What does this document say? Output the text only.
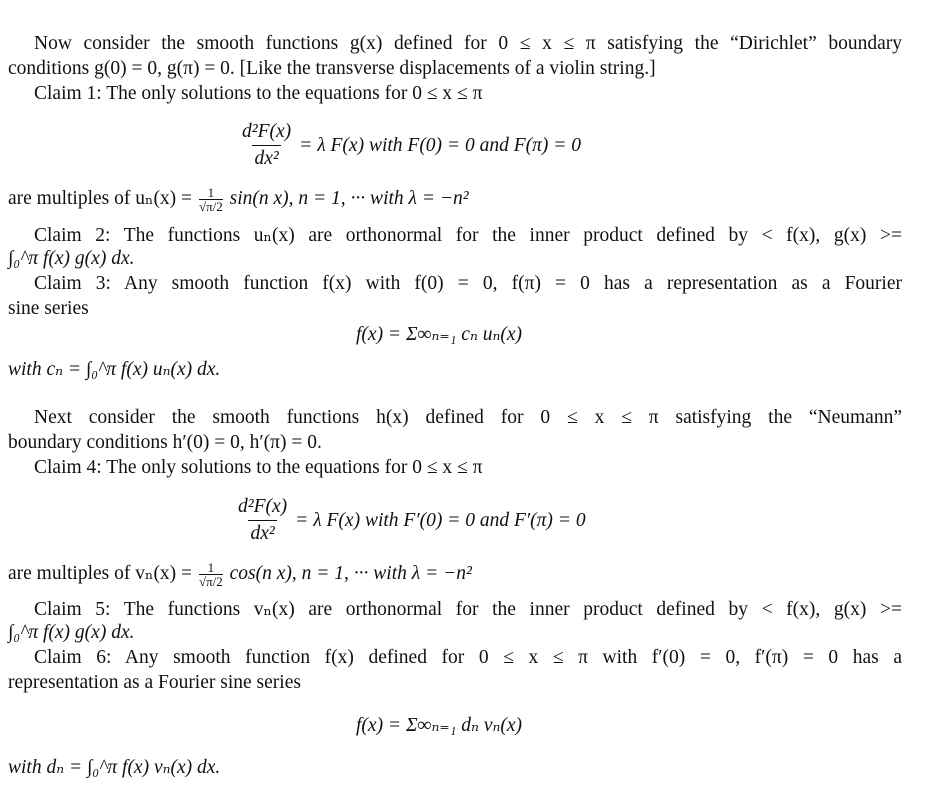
Now consider the smooth functions g(x) defined for 0 ≤ x ≤ π satisfying the “Dirichlet” boundary
conditions g(0) = 0, g(π) = 0. [Like the transverse displacements of a violin string.]
Claim 1: The only solutions to the equations for 0 ≤ x ≤ π
$\frac{\text{d²F(x)}}{\text{dx²}} = \lambda$ F(x) with F(0) = 0 and F(π) = 0
are multiples of $u_n(x) = \frac{1}{√\pi/2} \sin(n$ x), n = 1, ··· with λ = −n²
Claim 2: The functions uₙ(x) are orthonormal for the inner product defined by < f(x), g(x) >=
∫₀^π f(x) g(x) dx.
Claim 3: Any smooth function f(x) with f(0) = 0, f(π) = 0 has a representation as a Fourier
sine series
f(x) = Σ∞ₙ₌₁ cₙ uₙ(x)
with cₙ = ∫₀^π f(x) uₙ(x) dx.
Next consider the smooth functions h(x) defined for 0 ≤ x ≤ π satisfying the “Neumann”
boundary conditions h′(0) = 0, h′(π) = 0.
Claim 4: The only solutions to the equations for 0 ≤ x ≤ π
$\frac{\text{d²F(x)}}{\text{dx²}} = \lambda$ F(x) with F′(0) = 0 and F′(π) = 0
are multiples of $v_n(x) = \frac{1}{√\pi/2} \cos(n$ x), n = 1, ··· with λ = −n²
Claim 5: The functions vₙ(x) are orthonormal for the inner product defined by < f(x), g(x) >=
∫₀^π f(x) g(x) dx.
Claim 6: Any smooth function f(x) defined for 0 ≤ x ≤ π with f′(0) = 0, f′(π) = 0 has a
representation as a Fourier sine series
f(x) = Σ∞ₙ₌₁ dₙ vₙ(x)
with dₙ = ∫₀^π f(x) vₙ(x) dx.
